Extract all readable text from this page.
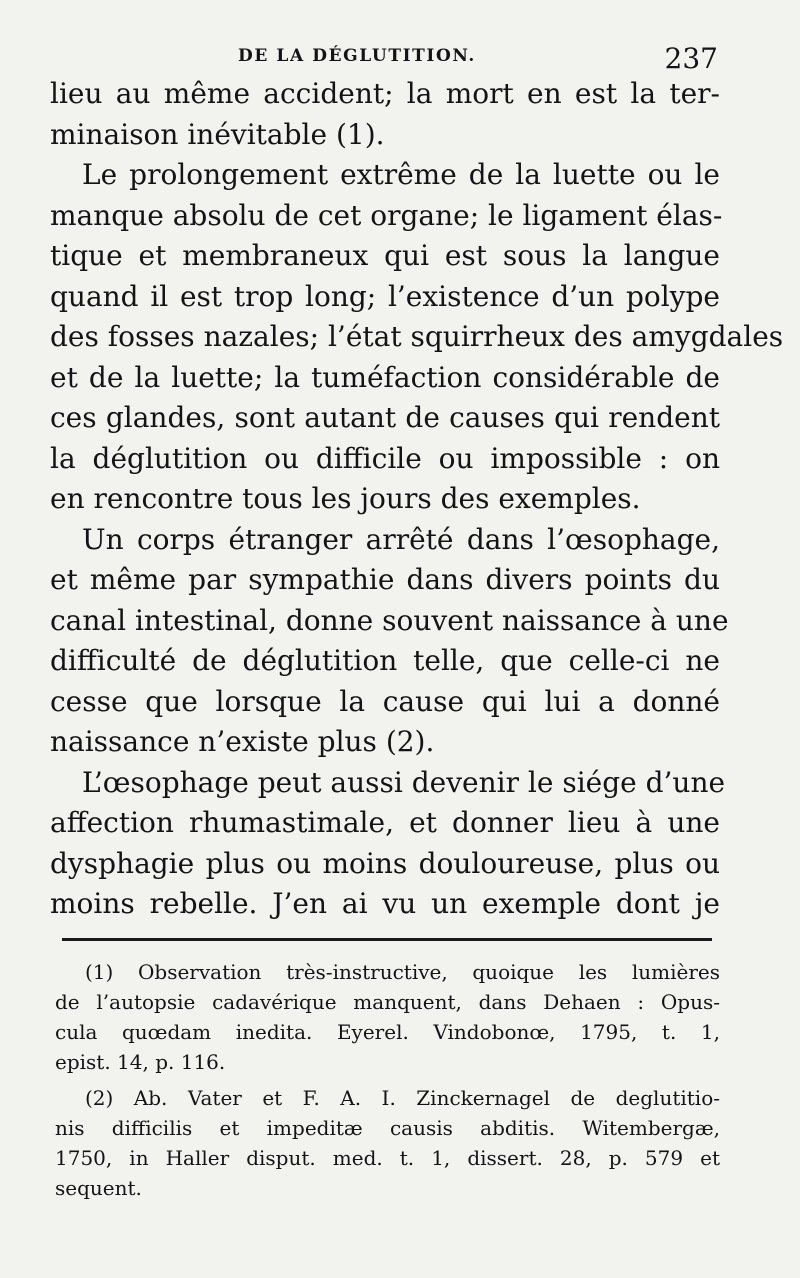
DE LA DÉGLUTITION.	237
lieu au même accident; la mort en est la ter-
minaison inévitable (1).
Le prolongement extrême de la luette ou le
manque absolu de cet organe; le ligament élas-
tique et membraneux qui est sous la langue
quand il est trop long; l’existence d’un polype
des fosses nazales; l’état squirrheux des amygdales
et de la luette; la tuméfaction considérable de
ces glandes, sont autant de causes qui rendent
la déglutition ou difficile ou impossible : on
en rencontre tous les jours des exemples.
Un corps étranger arrêté dans l’œsophage,
et même par sympathie dans divers points du
canal intestinal, donne souvent naissance à une
difficulté de déglutition telle, que celle-ci ne
cesse que lorsque la cause qui lui a donné
naissance n’existe plus (2).
L’œsophage peut aussi devenir le siége d’une
affection rhumastimale, et donner lieu à une
dysphagie plus ou moins douloureuse, plus ou
moins rebelle. J’en ai vu un exemple dont je
(1) Observation très-instructive, quoique les lumières
de l’autopsie cadavérique manquent, dans Dehaen : Opus-
cula quœdam inedita. Eyerel. Vindobonœ, 1795, t. 1,
epist. 14, p. 116.
(2) Ab. Vater et F. A. I. Zinckernagel de deglutitio-
nis difficilis et impeditæ causis abditis. Witembergæ,
1750, in Haller disput. med. t. 1, dissert. 28, p. 579 et
sequent.
